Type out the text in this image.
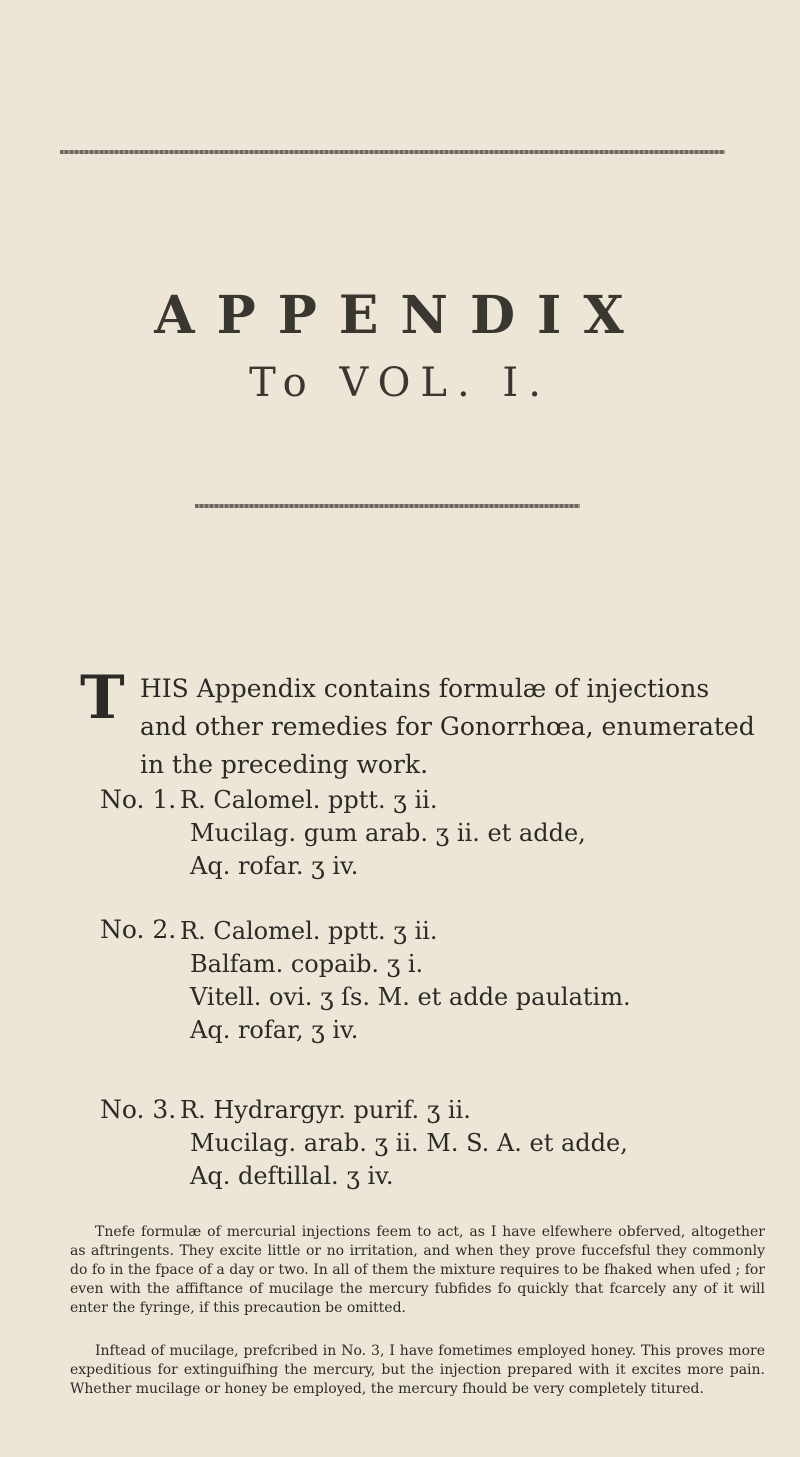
APPENDIX
To VOL. I.
T HIS Appendix contains formulæ of injections and other remedies for Gonorrhœa, enumerated in the preceding work.
No. 1. R. Calomel. pptt. ʒ ii.
Mucilag. gum arab. ʒ ii. et adde,
Aq. rofar. ʒ iv.
No. 2. R. Calomel. pptt. ʒ ii.
Balfam. copaib. ʒ i.
Vitell. ovi. ʒ ſs. M. et adde paulatim.
Aq. rofar, ʒ iv.
No. 3. R. Hydrargyr. purif. ʒ ii.
Mucilag. arab. ʒ ii. M. S. A. et adde,
Aq. deftillal. ʒ iv.
Tnefe formulæ of mercurial injections feem to act, as I have elfewhere obferved, altogether as aftringents. They excite little or no irritation, and when they prove fuccefsful they commonly do fo in the fpace of a day or two. In all of them the mixture requires to be fhaked when ufed ; for even with the affiftance of mucilage the mercury fubfides fo quickly that fcarcely any of it will enter the fyringe, if this precaution be omitted.
Inftead of mucilage, prefcribed in No. 3, I have fometimes employed honey. This proves more expeditious for extinguifhing the mercury, but the injection prepared with it excites more pain. Whether mucilage or honey be employed, the mercury fhould be very completely titured.
